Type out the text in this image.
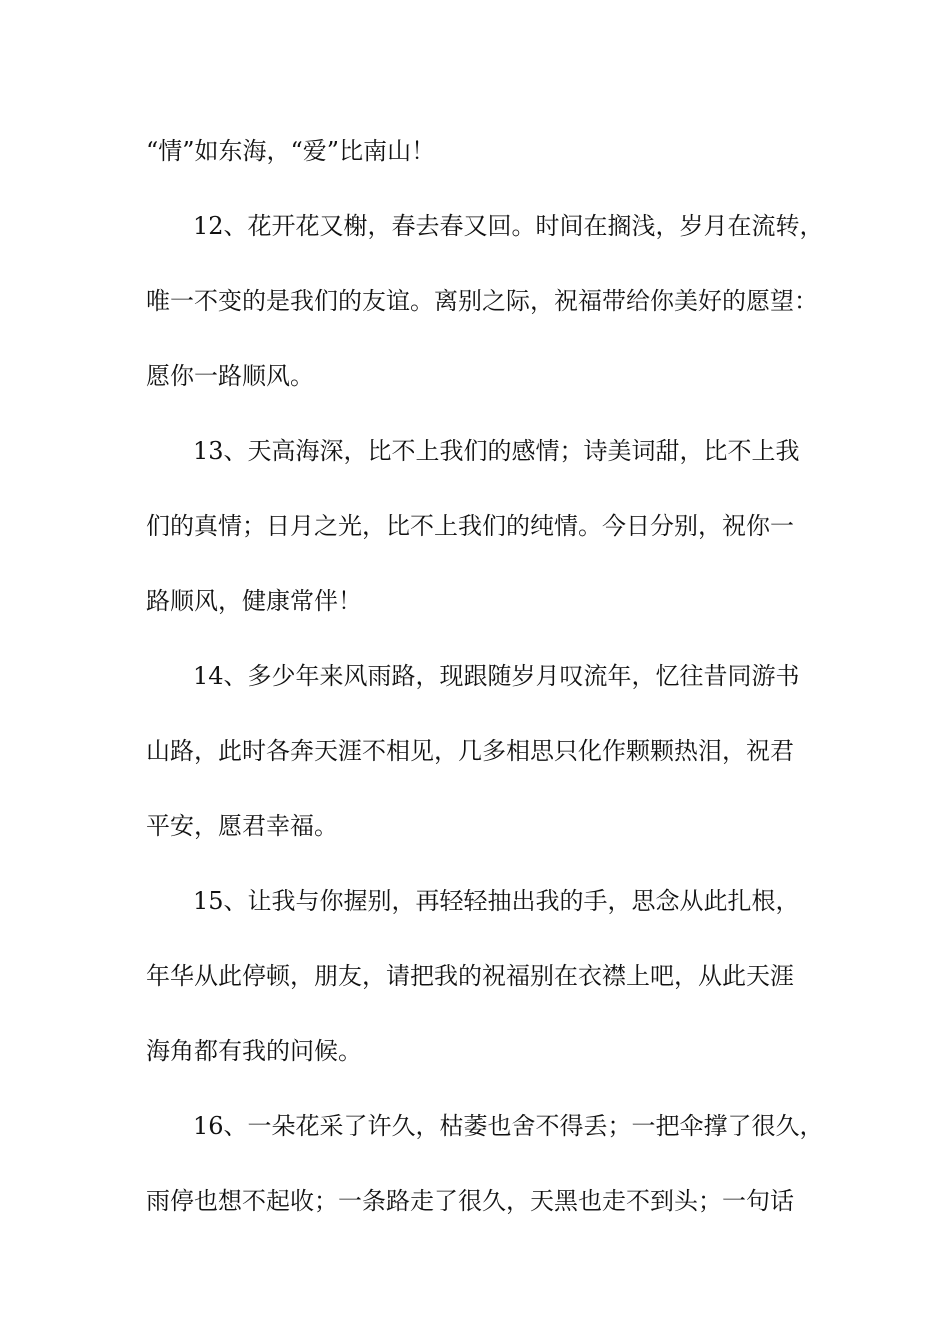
“情”如东海，“爱”比南山！
12、花开花又榭，春去春又回。时间在搁浅，岁月在流转，
唯一不变的是我们的友谊。离别之际，祝福带给你美好的愿望：
愿你一路顺风。
13、天高海深，比不上我们的感情；诗美词甜，比不上我
们的真情；日月之光，比不上我们的纯情。今日分别，祝你一
路顺风，健康常伴！
14、多少年来风雨路，现跟随岁月叹流年，忆往昔同游书
山路，此时各奔天涯不相见，几多相思只化作颗颗热泪，祝君
平安，愿君幸福。
15、让我与你握别，再轻轻抽出我的手，思念从此扎根，
年华从此停顿，朋友，请把我的祝福别在衣襟上吧，从此天涯
海角都有我的问候。
16、一朵花采了许久，枯萎也舍不得丢；一把伞撑了很久，
雨停也想不起收；一条路走了很久，天黑也走不到头；一句话
